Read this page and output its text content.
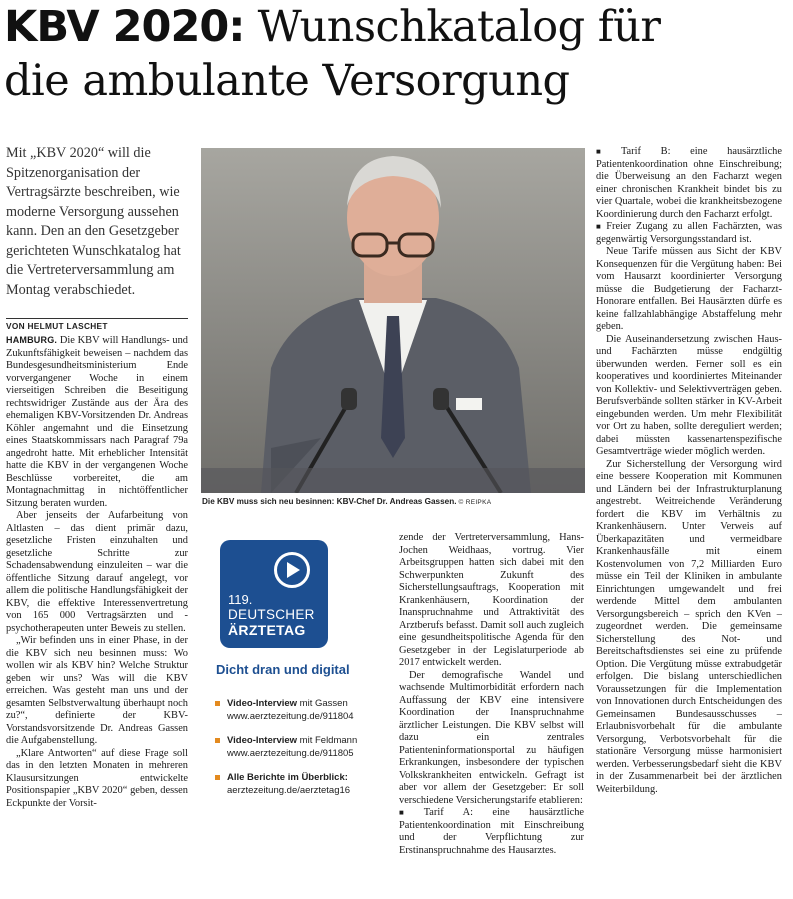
KBV 2020: Wunschkatalog für
die ambulante Versorgung
Mit „KBV 2020“ will die Spitzenorganisation der Vertragsärzte beschreiben, wie moderne Versorgung aussehen kann. Den an den Gesetzgeber gerichteten Wunschkatalog hat die Vertreterversammlung am Montag verabschiedet.
VON HELMUT LASCHET

HAMBURG. Die KBV will Handlungs- und Zukunftsfähigkeit beweisen – nachdem das Bundesgesundheitsministerium Ende vorvergangener Woche in einem vierseitigen Schreiben die Beseitigung rechtswidriger Zustände aus der Ära des ehemaligen KBV-Vorsitzenden Dr. Andreas Köhler angemahnt und die Einsetzung eines Staatskommissars nach Paragraf 79a angedroht hatte. Mit erheblicher Intensität hatte die KBV in der vergangenen Woche Beschlüsse vorbereitet, die am Montagnachmittag in nichtöffentlicher Sitzung beraten wurden.

Aber jenseits der Aufarbeitung von Altlasten – das dient primär dazu, gesetzliche Fristen einzuhalten und gesetzliche Schritte zur Schadensabwendung einzuleiten – war die öffentliche Sitzung darauf angelegt, vor allem die politische Handlungsfähigkeit der KBV, die effektive Interessenvertretung von 165 000 Vertragsärzten und -psychotherapeuten unter Beweis zu stellen.

„Wir befinden uns in einer Phase, in der die KBV sich neu besinnen muss: Wo wollen wir als KBV hin? Welche Struktur geben wir uns? Was will die KBV erreichen. Was gesteht man uns und der gesamten Selbstverwaltung überhaupt noch zu?“, definierte der KBV-Vorstandsvorsitzende Dr. Andreas Gassen die Aufgabenstellung.

„Klare Antworten“ auf diese Frage soll das in den letzten Monaten in mehreren Klausursitzungen entwickelte Positionspapier „KBV 2020“ geben, dessen Eckpunkte der Vorsit-

Die KBV muss sich neu besinnen: KBV-Chef Dr. Andreas Gassen. © REIPKA
119.
DEUTSCHER
ÄRZTETAG
Dicht dran und digital
Video-Interview mit Gassen
www.aerztezeitung.de/911804
Video-Interview mit Feldmann
www.aerztezeitung.de/911805
Alle Berichte im Überblick:
aerztezeitung.de/aerztetag16

zende der Vertreterversammlung, Hans-Jochen Weidhaas, vortrug. Vier Arbeitsgruppen hatten sich dabei mit den Schwerpunkten Zukunft des Sicherstellungsauftrags, Kooperation mit Krankenhäusern, Koordination der Inanspruchnahme und Attraktivität des Arztberufs befasst. Damit soll auch zugleich eine gesundheitspolitische Agenda für den Gesetzgeber in der Legislaturperiode ab 2017 entwickelt werden.

Der demografische Wandel und wachsende Multimorbidität erfordern nach Auffassung der KBV eine intensivere Koordination der Inanspruchnahme ärztlicher Leistungen. Die KBV selbst will dazu ein zentrales Patienteninformationsportal zu häufigen Erkrankungen, insbesondere der typischen Volkskrankheiten entwickeln. Gefragt ist aber vor allem der Gesetzgeber: Er soll verschiedene Versicherungstarife etablieren:

■ Tarif A: eine hausärztliche Patientenkoordination mit Einschreibung und der Verpflichtung zur Erstinanspruchnahme des Hausarztes.

■ Tarif B: eine hausärztliche Patientenkoordination ohne Einschreibung; die Überweisung an den Facharzt wegen einer chronischen Krankheit bindet bis zu vier Quartale, wobei die krankheitsbezogene Koordinierung durch den Facharzt erfolgt.

■ Freier Zugang zu allen Fachärzten, was gegenwärtig Versorgungsstandard ist.

Neue Tarife müssen aus Sicht der KBV Konsequenzen für die Vergütung haben: Bei vom Hausarzt koordinierter Versorgung müsse die Budgetierung der Facharzt-Honorare entfallen. Bei Hausärzten dürfe es keine fallzahlabhängige Abstaffelung mehr geben.

Die Auseinandersetzung zwischen Haus- und Fachärzten müsse endgültig überwunden werden. Ferner soll es ein kooperatives und koordiniertes Miteinander von Kollektiv- und Selektivverträgen geben. Berufsverbände sollten stärker in KV-Arbeit eingebunden werden. Um mehr Flexibilität vor Ort zu haben, sollte dereguliert werden; dabei müssten kassenartenspezifische Gesamtverträge wieder möglich werden.

Zur Sicherstellung der Versorgung wird eine bessere Kooperation mit Kommunen und Ländern bei der Infrastrukturplanung angestrebt. Weitreichende Veränderung fordert die KBV im Verhältnis zu Krankenhäusern. Unter Verweis auf Überkapazitäten und vermeidbare Krankenhausfälle mit einem Kostenvolumen von 7,2 Milliarden Euro müsse ein Teil der Kliniken in ambulante Einrichtungen umgewandelt und frei werdende Mittel dem ambulanten Versorgungsbereich – sprich den KVen – zugeordnet werden. Die gemeinsame Sicherstellung des Not- und Bereitschaftsdienstes sei eine zu prüfende Option. Die Vergütung müsse extrabudgetär erfolgen. Die bislang unterschiedlichen Voraussetzungen für die Implementation von Innovationen durch Entscheidungen des Gemeinsamen Bundesausschusses – Erlaubnisvorbehalt für die ambulante Versorgung, Verbotsvorbehalt für die stationäre Versorgung müsse harmonisiert werden. Verbesserungsbedarf sieht die KBV in der Zusammenarbeit bei der ärztlichen Weiterbildung.
